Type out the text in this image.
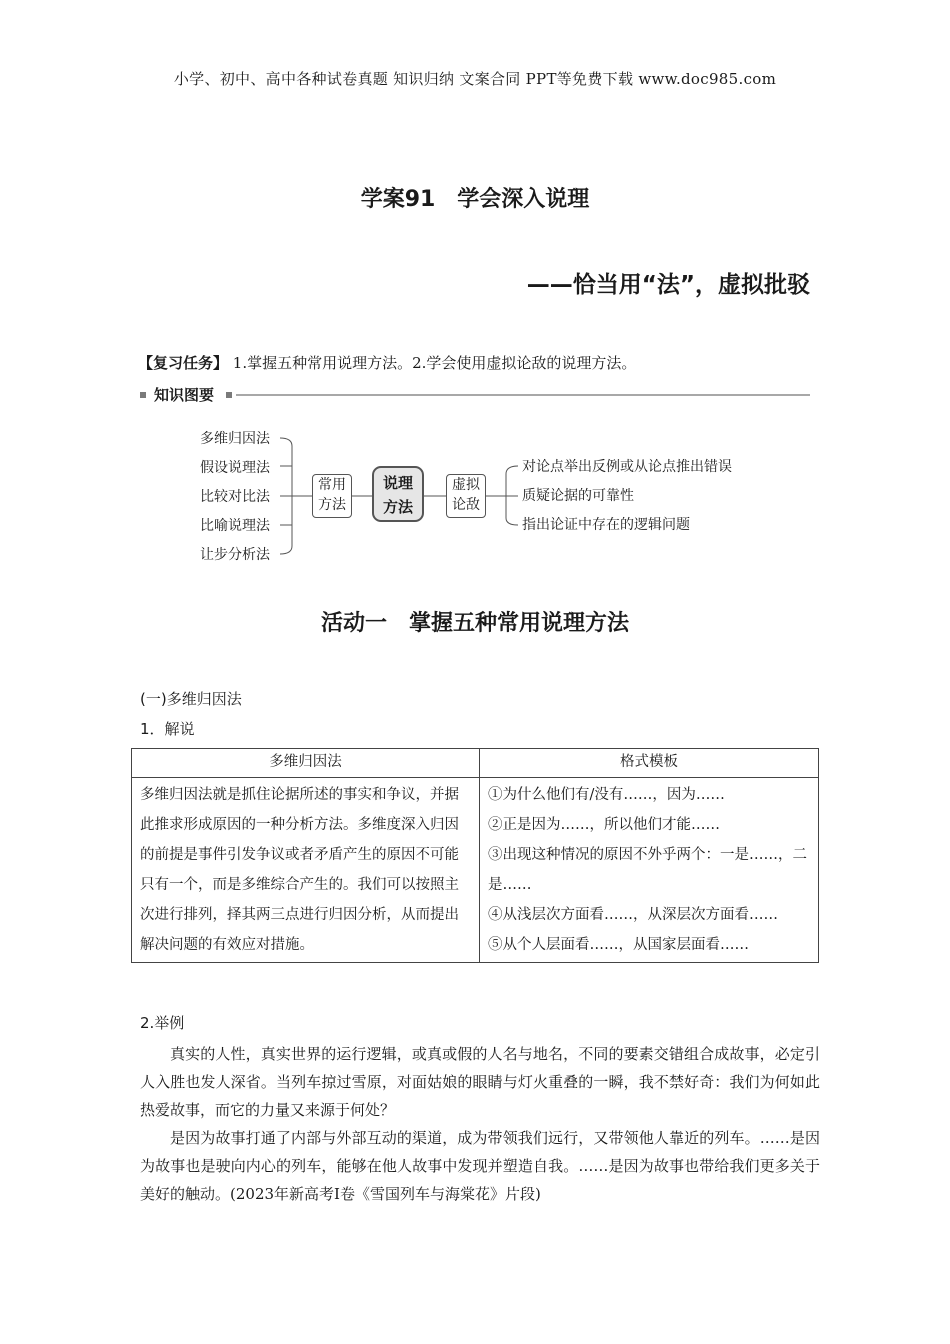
小学、初中、高中各种试卷真题 知识归纳 文案合同 PPT等免费下载 www.doc985.com
学案91　学会深入说理
——恰当用“法”，虚拟批驳
【复习任务】 1.掌握五种常用说理方法。2.学会使用虚拟论敌的说理方法。
知识图要
多维归因法
假设说理法
比较对比法
比喻说理法
让步分析法
常用
方法
说理
方法
虚拟
论敌
对论点举出反例或从论点推出错误
质疑论据的可靠性
指出论证中存在的逻辑问题
活动一　掌握五种常用说理方法
(一)多维归因法
1．解说
多维归因法	格式模板
多维归因法就是抓住论据所述的事实和争议，并据此推求形成原因的一种分析方法。多维度深入归因的前提是事件引发争议或者矛盾产生的原因不可能只有一个，而是多维综合产生的。我们可以按照主次进行排列，择其两三点进行归因分析，从而提出解决问题的有效应对措施。	①为什么他们有/没有……，因为……
②正是因为……，所以他们才能……
③出现这种情况的原因不外乎两个：一是……，二是……
④从浅层次方面看……，从深层次方面看……
⑤从个人层面看……，从国家层面看……
2.举例

真实的人性，真实世界的运行逻辑，或真或假的人名与地名，不同的要素交错组合成故事，必定引人入胜也发人深省。当列车掠过雪原，对面姑娘的眼睛与灯火重叠的一瞬，我不禁好奇：我们为何如此热爱故事，而它的力量又来源于何处？

是因为故事打通了内部与外部互动的渠道，成为带领我们远行，又带领他人靠近的列车。……是因为故事也是驶向内心的列车，能够在他人故事中发现并塑造自我。……是因为故事也带给我们更多关于美好的触动。(2023年新高考Ⅰ卷《雪国列车与海棠花》片段)
